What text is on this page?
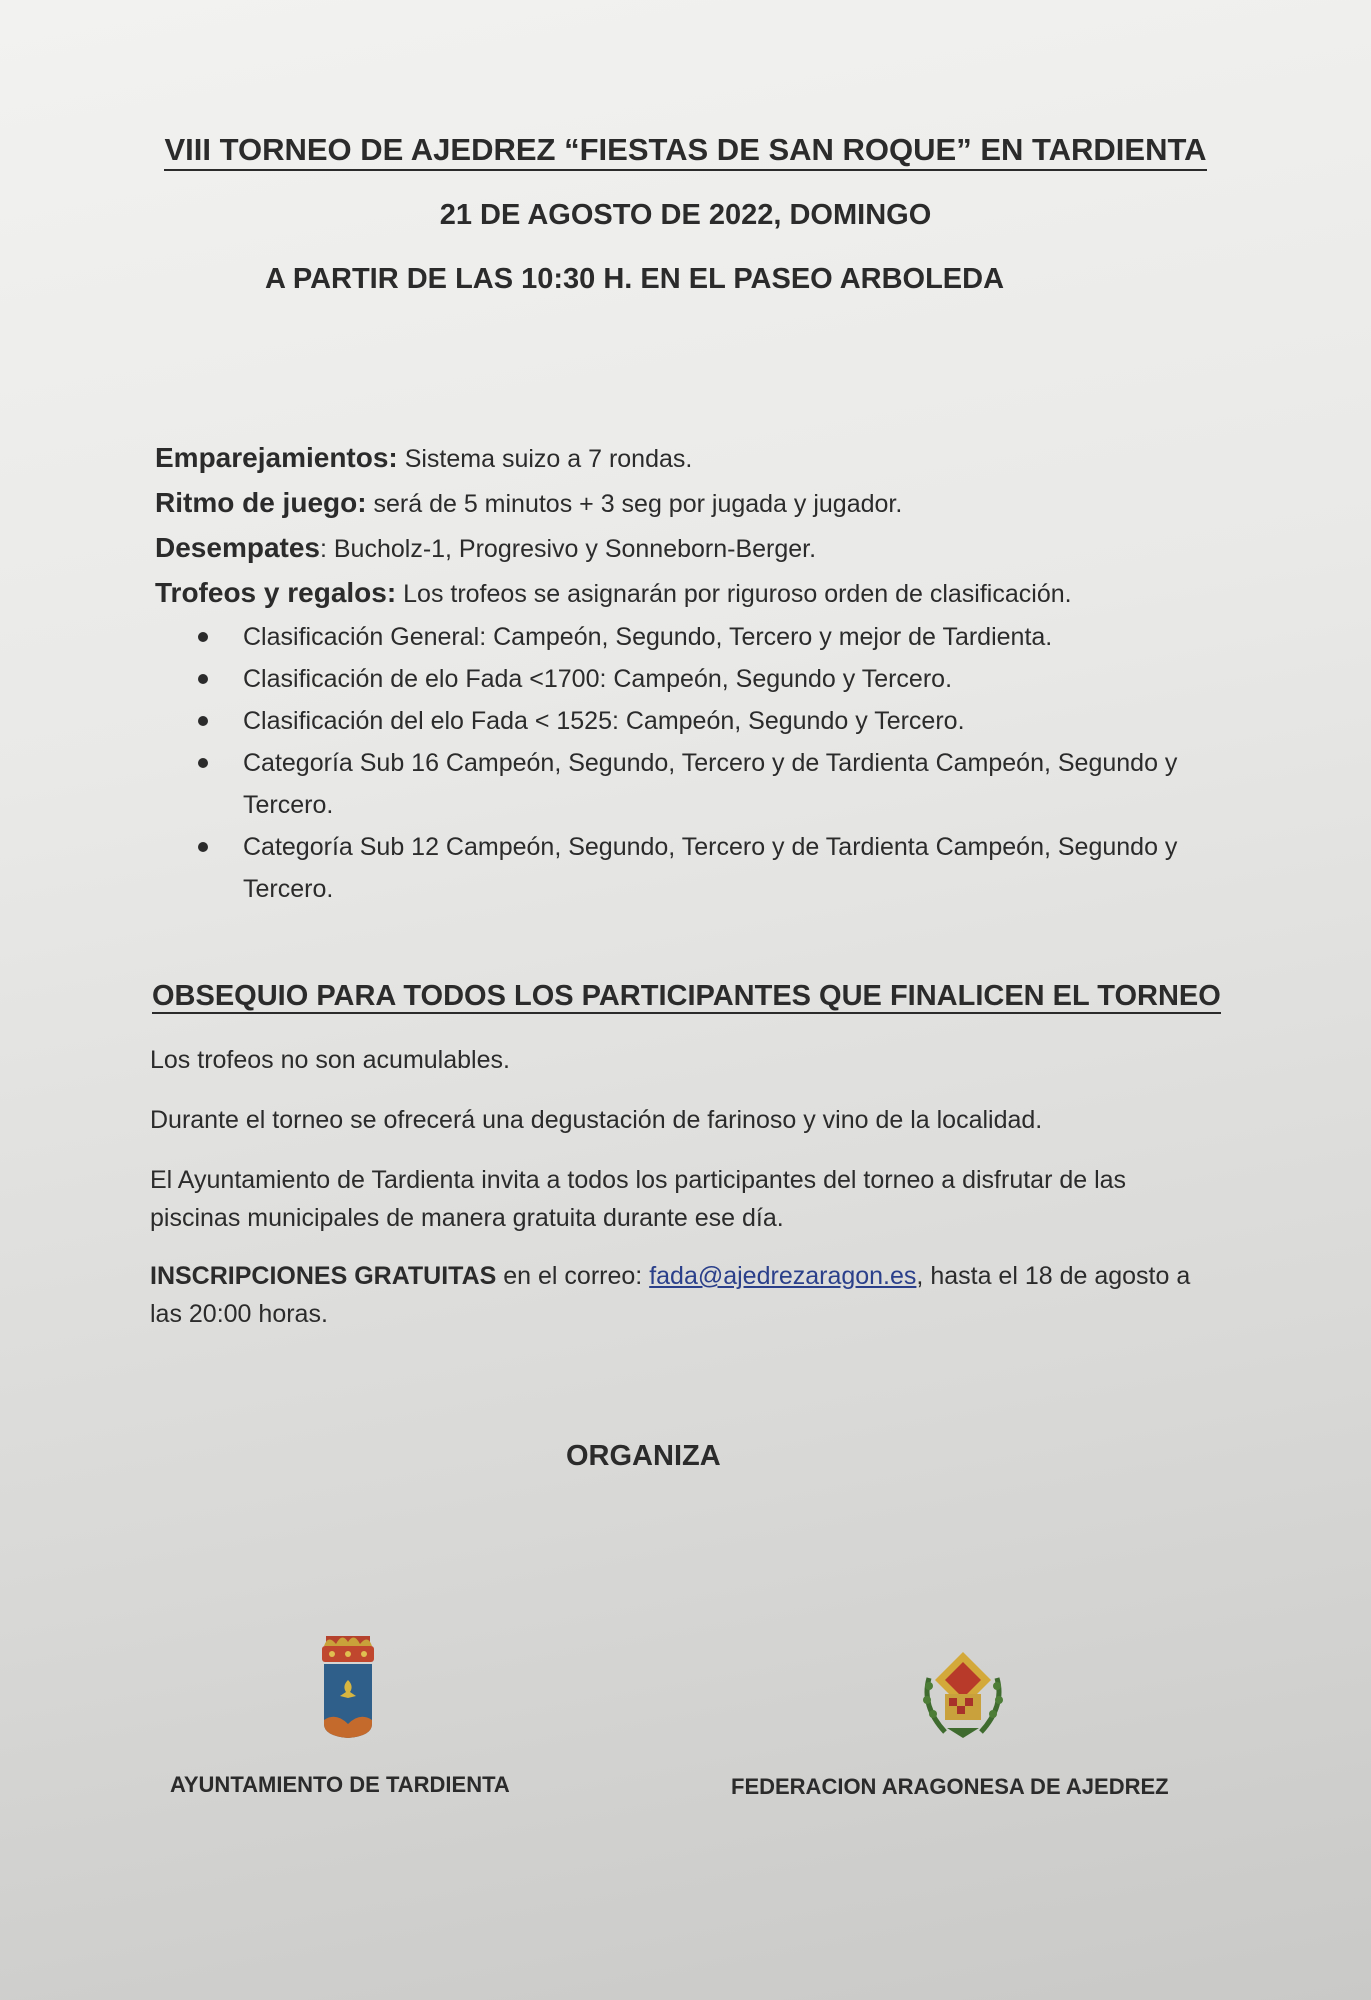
VIII TORNEO DE AJEDREZ “FIESTAS DE SAN ROQUE” EN TARDIENTA
21 DE AGOSTO DE 2022, DOMINGO
A PARTIR DE LAS 10:30 H. EN EL PASEO ARBOLEDA
Emparejamientos: Sistema suizo a 7 rondas.
Ritmo de juego: será de 5 minutos + 3 seg por jugada y jugador.
Desempates: Bucholz-1, Progresivo y Sonneborn-Berger.
Trofeos y regalos: Los trofeos se asignarán por riguroso orden de clasificación.
Clasificación General: Campeón, Segundo, Tercero y mejor de Tardienta.
Clasificación de elo Fada <1700: Campeón, Segundo y Tercero.
Clasificación del elo Fada < 1525: Campeón, Segundo y Tercero.
Categoría Sub 16 Campeón, Segundo, Tercero y de Tardienta Campeón, Segundo y Tercero.
Categoría Sub 12 Campeón, Segundo, Tercero y de Tardienta Campeón, Segundo y Tercero.
OBSEQUIO PARA TODOS LOS PARTICIPANTES QUE FINALICEN EL TORNEO
Los trofeos no son acumulables.
Durante el torneo se ofrecerá una degustación de farinoso y vino de la localidad.
El Ayuntamiento de Tardienta invita a todos los participantes del torneo a disfrutar de las piscinas municipales de manera gratuita durante ese día.
INSCRIPCIONES GRATUITAS en el correo: fada@ajedrezaragon.es, hasta el 18 de agosto a las 20:00 horas.
ORGANIZA
AYUNTAMIENTO DE TARDIENTA	FEDERACION ARAGONESA DE AJEDREZ
